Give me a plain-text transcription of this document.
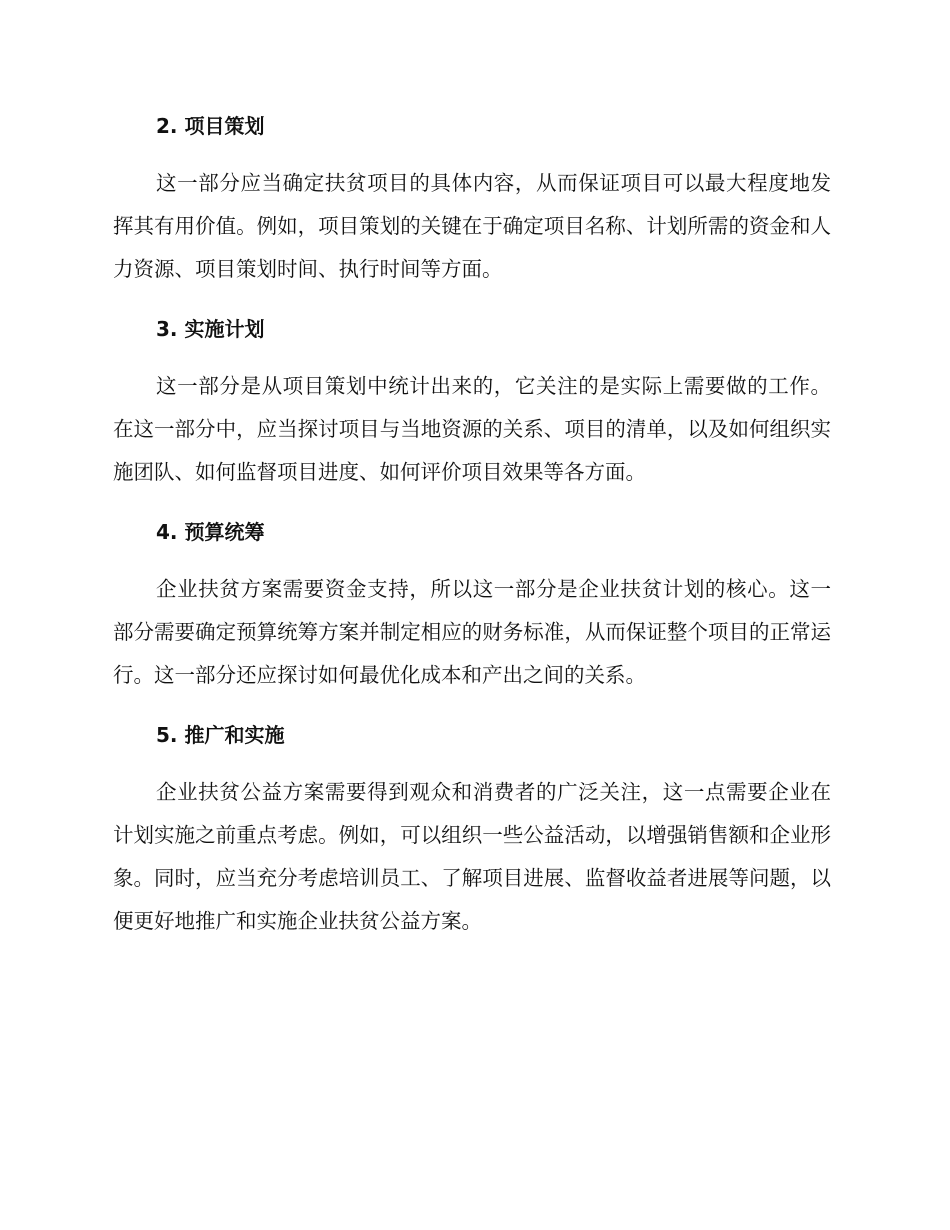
2. 项目策划

这一部分应当确定扶贫项目的具体内容，从而保证项目可以最大程度地发挥其有用价值。例如，项目策划的关键在于确定项目名称、计划所需的资金和人力资源、项目策划时间、执行时间等方面。

3. 实施计划

这一部分是从项目策划中统计出来的，它关注的是实际上需要做的工作。在这一部分中，应当探讨项目与当地资源的关系、项目的清单，以及如何组织实施团队、如何监督项目进度、如何评价项目效果等各方面。

4. 预算统筹

企业扶贫方案需要资金支持，所以这一部分是企业扶贫计划的核心。这一部分需要确定预算统筹方案并制定相应的财务标准，从而保证整个项目的正常运行。这一部分还应探讨如何最优化成本和产出之间的关系。

5. 推广和实施

企业扶贫公益方案需要得到观众和消费者的广泛关注，这一点需要企业在计划实施之前重点考虑。例如，可以组织一些公益活动，以增强销售额和企业形象。同时，应当充分考虑培训员工、了解项目进展、监督收益者进展等问题，以便更好地推广和实施企业扶贫公益方案。
